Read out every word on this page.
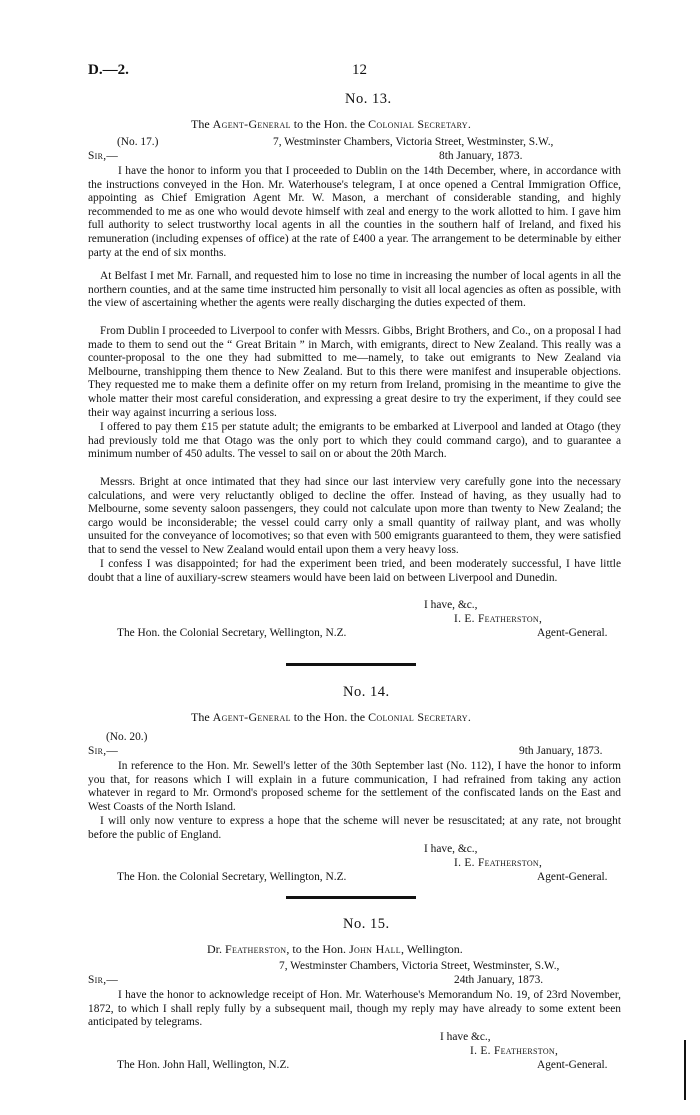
D.—2.	12
No. 13.
The Agent-General to the Hon. the Colonial Secretary.
(No. 17.)	7, Westminster Chambers, Victoria Street, Westminster, S.W.,
Sir,—	8th January, 1873.
I have the honor to inform you that I proceeded to Dublin on the 14th December, where, in accordance with the instructions conveyed in the Hon. Mr. Waterhouse's telegram, I at once opened a Central Immigration Office, appointing as Chief Emigration Agent Mr. W. Mason, a merchant of considerable standing, and highly recommended to me as one who would devote himself with zeal and energy to the work allotted to him. I gave him full authority to select trustworthy local agents in all the counties in the southern half of Ireland, and fixed his remuneration (including expenses of office) at the rate of £400 a year. The arrangement to be determinable by either party at the end of six months.
At Belfast I met Mr. Farnall, and requested him to lose no time in increasing the number of local agents in all the northern counties, and at the same time instructed him personally to visit all local agencies as often as possible, with the view of ascertaining whether the agents were really discharging the duties expected of them.
From Dublin I proceeded to Liverpool to confer with Messrs. Gibbs, Bright Brothers, and Co., on a proposal I had made to them to send out the “ Great Britain ” in March, with emigrants, direct to New Zealand. This really was a counter-proposal to the one they had submitted to me—namely, to take out emigrants to New Zealand via Melbourne, transhipping them thence to New Zealand. But to this there were manifest and insuperable objections. They requested me to make them a definite offer on my return from Ireland, promising in the meantime to give the whole matter their most careful consideration, and expressing a great desire to try the experiment, if they could see their way against incurring a serious loss.
I offered to pay them £15 per statute adult; the emigrants to be embarked at Liverpool and landed at Otago (they had previously told me that Otago was the only port to which they could command cargo), and to guarantee a minimum number of 450 adults. The vessel to sail on or about the 20th March.
Messrs. Bright at once intimated that they had since our last interview very carefully gone into the necessary calculations, and were very reluctantly obliged to decline the offer. Instead of having, as they usually had to Melbourne, some seventy saloon passengers, they could not calculate upon more than twenty to New Zealand; the cargo would be inconsiderable; the vessel could carry only a small quantity of railway plant, and was wholly unsuited for the conveyance of locomotives; so that even with 500 emigrants guaranteed to them, they were satisfied that to send the vessel to New Zealand would entail upon them a very heavy loss.
I confess I was disappointed; for had the experiment been tried, and been moderately successful, I have little doubt that a line of auxiliary-screw steamers would have been laid on between Liverpool and Dunedin.
I have, &c.,
I. E. Featherston,
The Hon. the Colonial Secretary, Wellington, N.Z.	Agent-General.
No. 14.
The Agent-General to the Hon. the Colonial Secretary.
(No. 20.)
Sir,—	9th January, 1873.
In reference to the Hon. Mr. Sewell's letter of the 30th September last (No. 112), I have the honor to inform you that, for reasons which I will explain in a future communication, I had refrained from taking any action whatever in regard to Mr. Ormond's proposed scheme for the settlement of the confiscated lands on the East and West Coasts of the North Island.
I will only now venture to express a hope that the scheme will never be resuscitated; at any rate, not brought before the public of England.
I have, &c.,
I. E. Featherston,
The Hon. the Colonial Secretary, Wellington, N.Z.	Agent-General.
No. 15.
Dr. Featherston, to the Hon. John Hall, Wellington.
7, Westminster Chambers, Victoria Street, Westminster, S.W.,
Sir,—	24th January, 1873.
I have the honor to acknowledge receipt of Hon. Mr. Waterhouse's Memorandum No. 19, of 23rd November, 1872, to which I shall reply fully by a subsequent mail, though my reply may have already to some extent been anticipated by telegrams.
I have &c.,
I. E. Featherston,
The Hon. John Hall, Wellington, N.Z.	Agent-General.
